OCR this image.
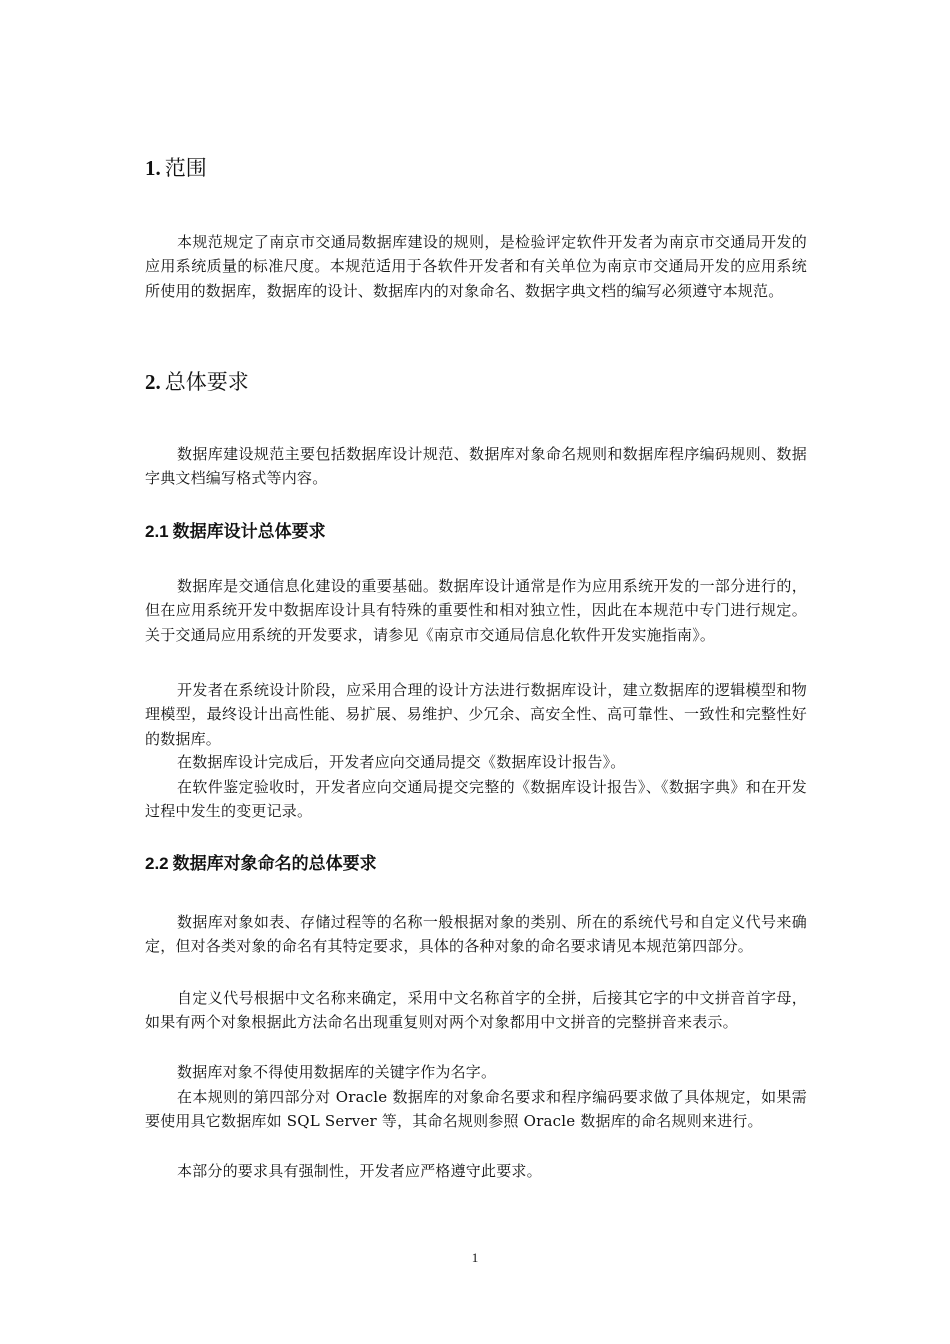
1. 范围
本规范规定了南京市交通局数据库建设的规则，是检验评定软件开发者为南京市交通局开发的应用系统质量的标准尺度。本规范适用于各软件开发者和有关单位为南京市交通局开发的应用系统所使用的数据库，数据库的设计、数据库内的对象命名、数据字典文档的编写必须遵守本规范。
2. 总体要求
数据库建设规范主要包括数据库设计规范、数据库对象命名规则和数据库程序编码规则、数据字典文档编写格式等内容。
2.1 数据库设计总体要求
数据库是交通信息化建设的重要基础。数据库设计通常是作为应用系统开发的一部分进行的，但在应用系统开发中数据库设计具有特殊的重要性和相对独立性，因此在本规范中专门进行规定。关于交通局应用系统的开发要求，请参见《南京市交通局信息化软件开发实施指南》。
开发者在系统设计阶段，应采用合理的设计方法进行数据库设计，建立数据库的逻辑模型和物理模型，最终设计出高性能、易扩展、易维护、少冗余、高安全性、高可靠性、一致性和完整性好的数据库。
在数据库设计完成后，开发者应向交通局提交《数据库设计报告》。
在软件鉴定验收时，开发者应向交通局提交完整的《数据库设计报告》、《数据字典》和在开发过程中发生的变更记录。
2.2 数据库对象命名的总体要求
数据库对象如表、存储过程等的名称一般根据对象的类别、所在的系统代号和自定义代号来确定，但对各类对象的命名有其特定要求，具体的各种对象的命名要求请见本规范第四部分。
自定义代号根据中文名称来确定，采用中文名称首字的全拼，后接其它字的中文拼音首字母，如果有两个对象根据此方法命名出现重复则对两个对象都用中文拼音的完整拼音来表示。
数据库对象不得使用数据库的关键字作为名字。
在本规则的第四部分对 Oracle 数据库的对象命名要求和程序编码要求做了具体规定，如果需要使用具它数据库如 SQL Server 等，其命名规则参照 Oracle 数据库的命名规则来进行。
本部分的要求具有强制性，开发者应严格遵守此要求。
1
